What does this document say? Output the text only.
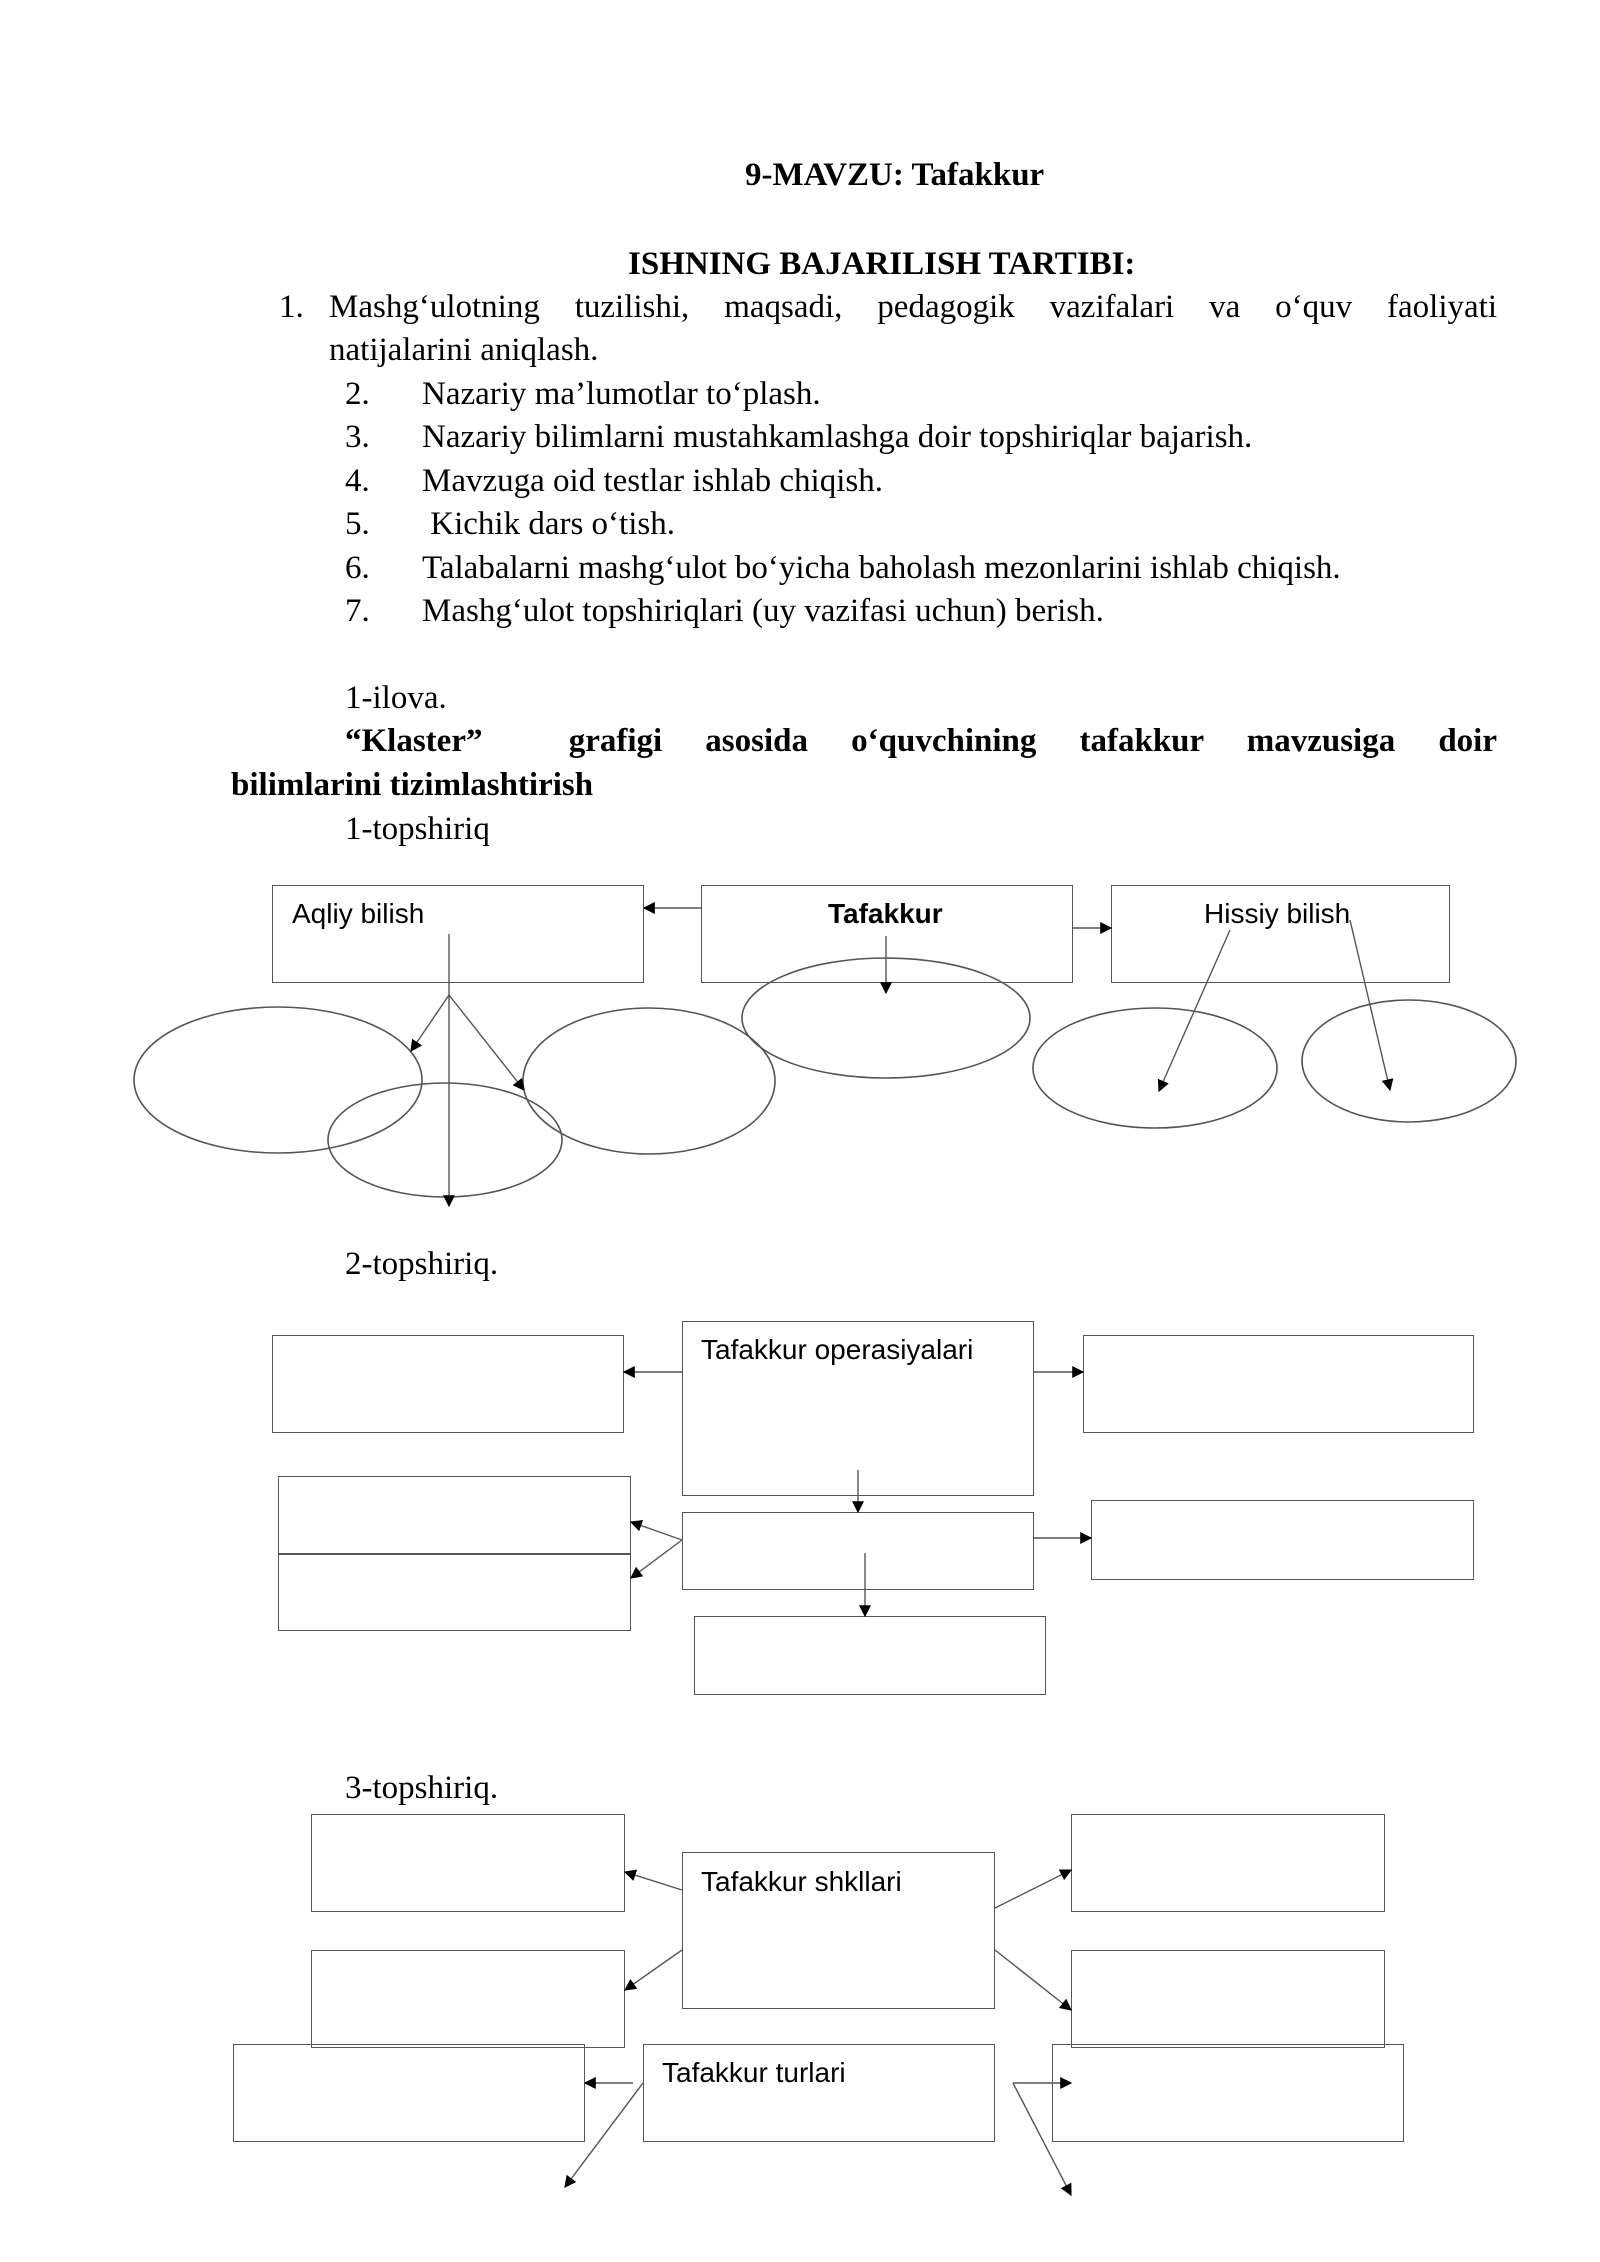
9-MAVZU: Tafakkur
ISHNING BAJARILISH TARTIBI:
1. Mashg‘ulotning tuzilishi, maqsadi, pedagogik vazifalari va o‘quv faoliyati
natijalarini aniqlash.
2. Nazariy ma’lumotlar to‘plash.
3. Nazariy bilimlarni mustahkamlashga doir topshiriqlar bajarish.
4. Mavzuga oid testlar ishlab chiqish.
5. Kichik dars o‘tish.
6. Talabalarni mashg‘ulot bo‘yicha baholash mezonlarini ishlab chiqish.
7. Mashg‘ulot topshiriqlari (uy vazifasi uchun) berish.
1-ilova.
“Klaster”  grafigi asosida o‘quvchining tafakkur mavzusiga doir
bilimlarini tizimlashtirish
1-topshiriq
Aqliy bilish	Tafakkur	Hissiy bilish
2-topshiriq.
Tafakkur operasiyalari
3-topshiriq.
Tafakkur shkllari
Tafakkur turlari
